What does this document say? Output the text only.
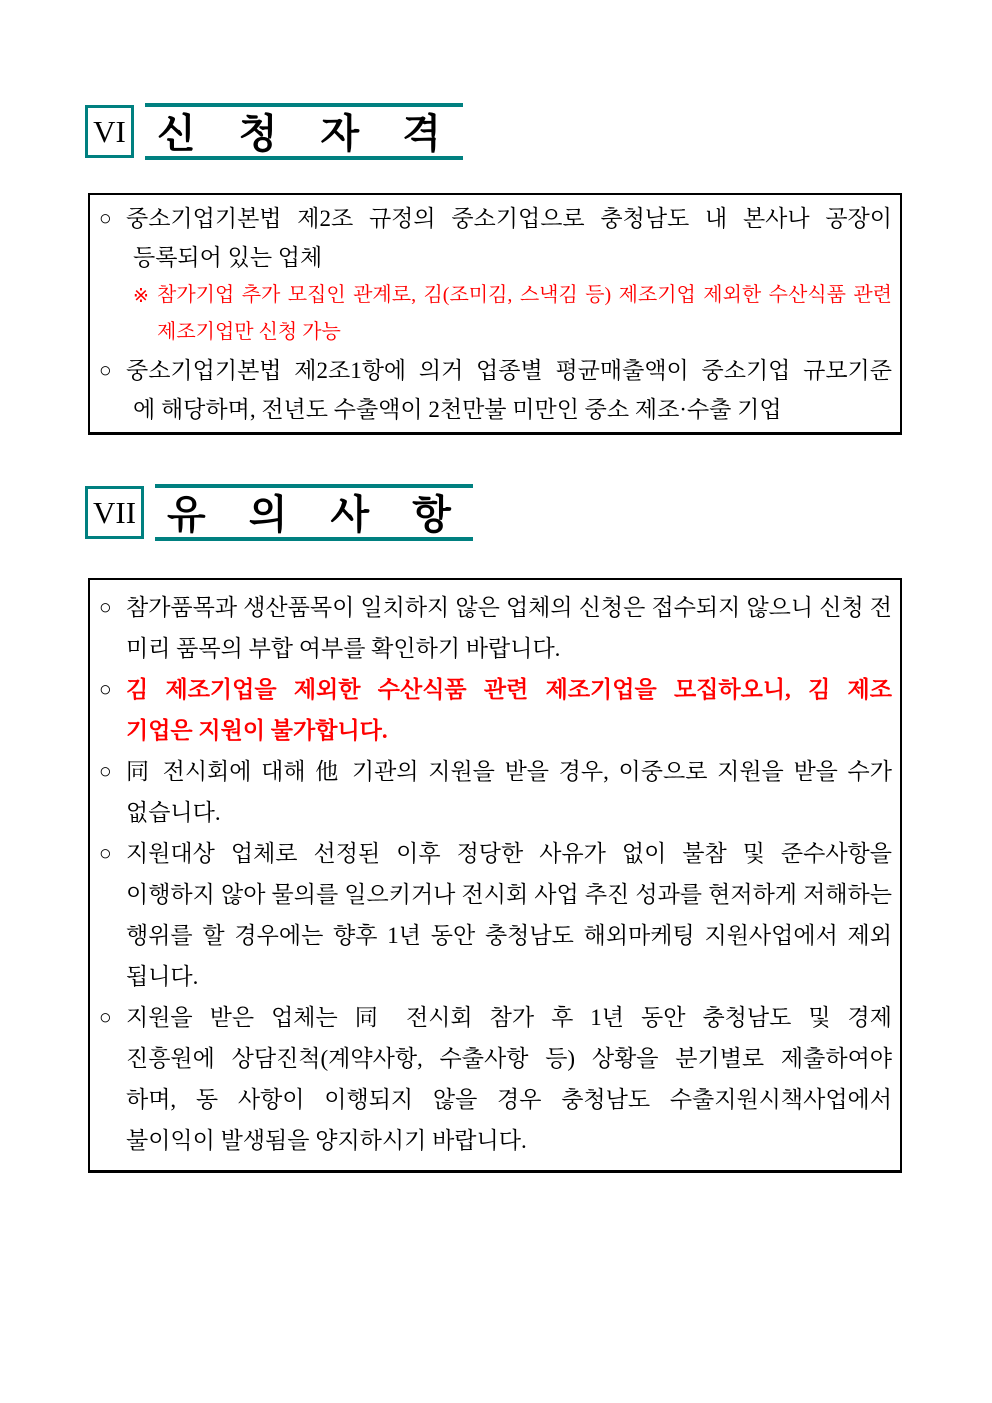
VI 신 청 자 격
○ 중소기업기본법 제2조 규정의 중소기업으로 충청남도 내 본사나 공장이
등록되어 있는 업체
※ 참가기업 추가 모집인 관계로, 김(조미김, 스낵김 등) 제조기업 제외한 수산식품 관련
제조기업만 신청 가능
○ 중소기업기본법 제2조1항에 의거 업종별 평균매출액이 중소기업 규모기준
에 해당하며, 전년도 수출액이 2천만불 미만인 중소 제조·수출 기업
VII 유 의 사 항
○ 참가품목과 생산품목이 일치하지 않은 업체의 신청은 접수되지 않으니 신청 전
미리 품목의 부합 여부를 확인하기 바랍니다.
○ 김 제조기업을 제외한 수산식품 관련 제조기업을 모집하오니, 김 제조
기업은 지원이 불가합니다.
○ 同 전시회에 대해 他 기관의 지원을 받을 경우, 이중으로 지원을 받을 수가
없습니다.
○ 지원대상 업체로 선정된 이후 정당한 사유가 없이 불참 및 준수사항을
이행하지 않아 물의를 일으키거나 전시회 사업 추진 성과를 현저하게 저해하는
행위를 할 경우에는 향후 1년 동안 충청남도 해외마케팅 지원사업에서 제외
됩니다.
○ 지원을 받은 업체는 同 전시회 참가 후 1년 동안 충청남도 및 경제
진흥원에 상담진척(계약사항, 수출사항 등) 상황을 분기별로 제출하여야
하며, 동 사항이 이행되지 않을 경우 충청남도 수출지원시책사업에서
불이익이 발생됨을 양지하시기 바랍니다.
